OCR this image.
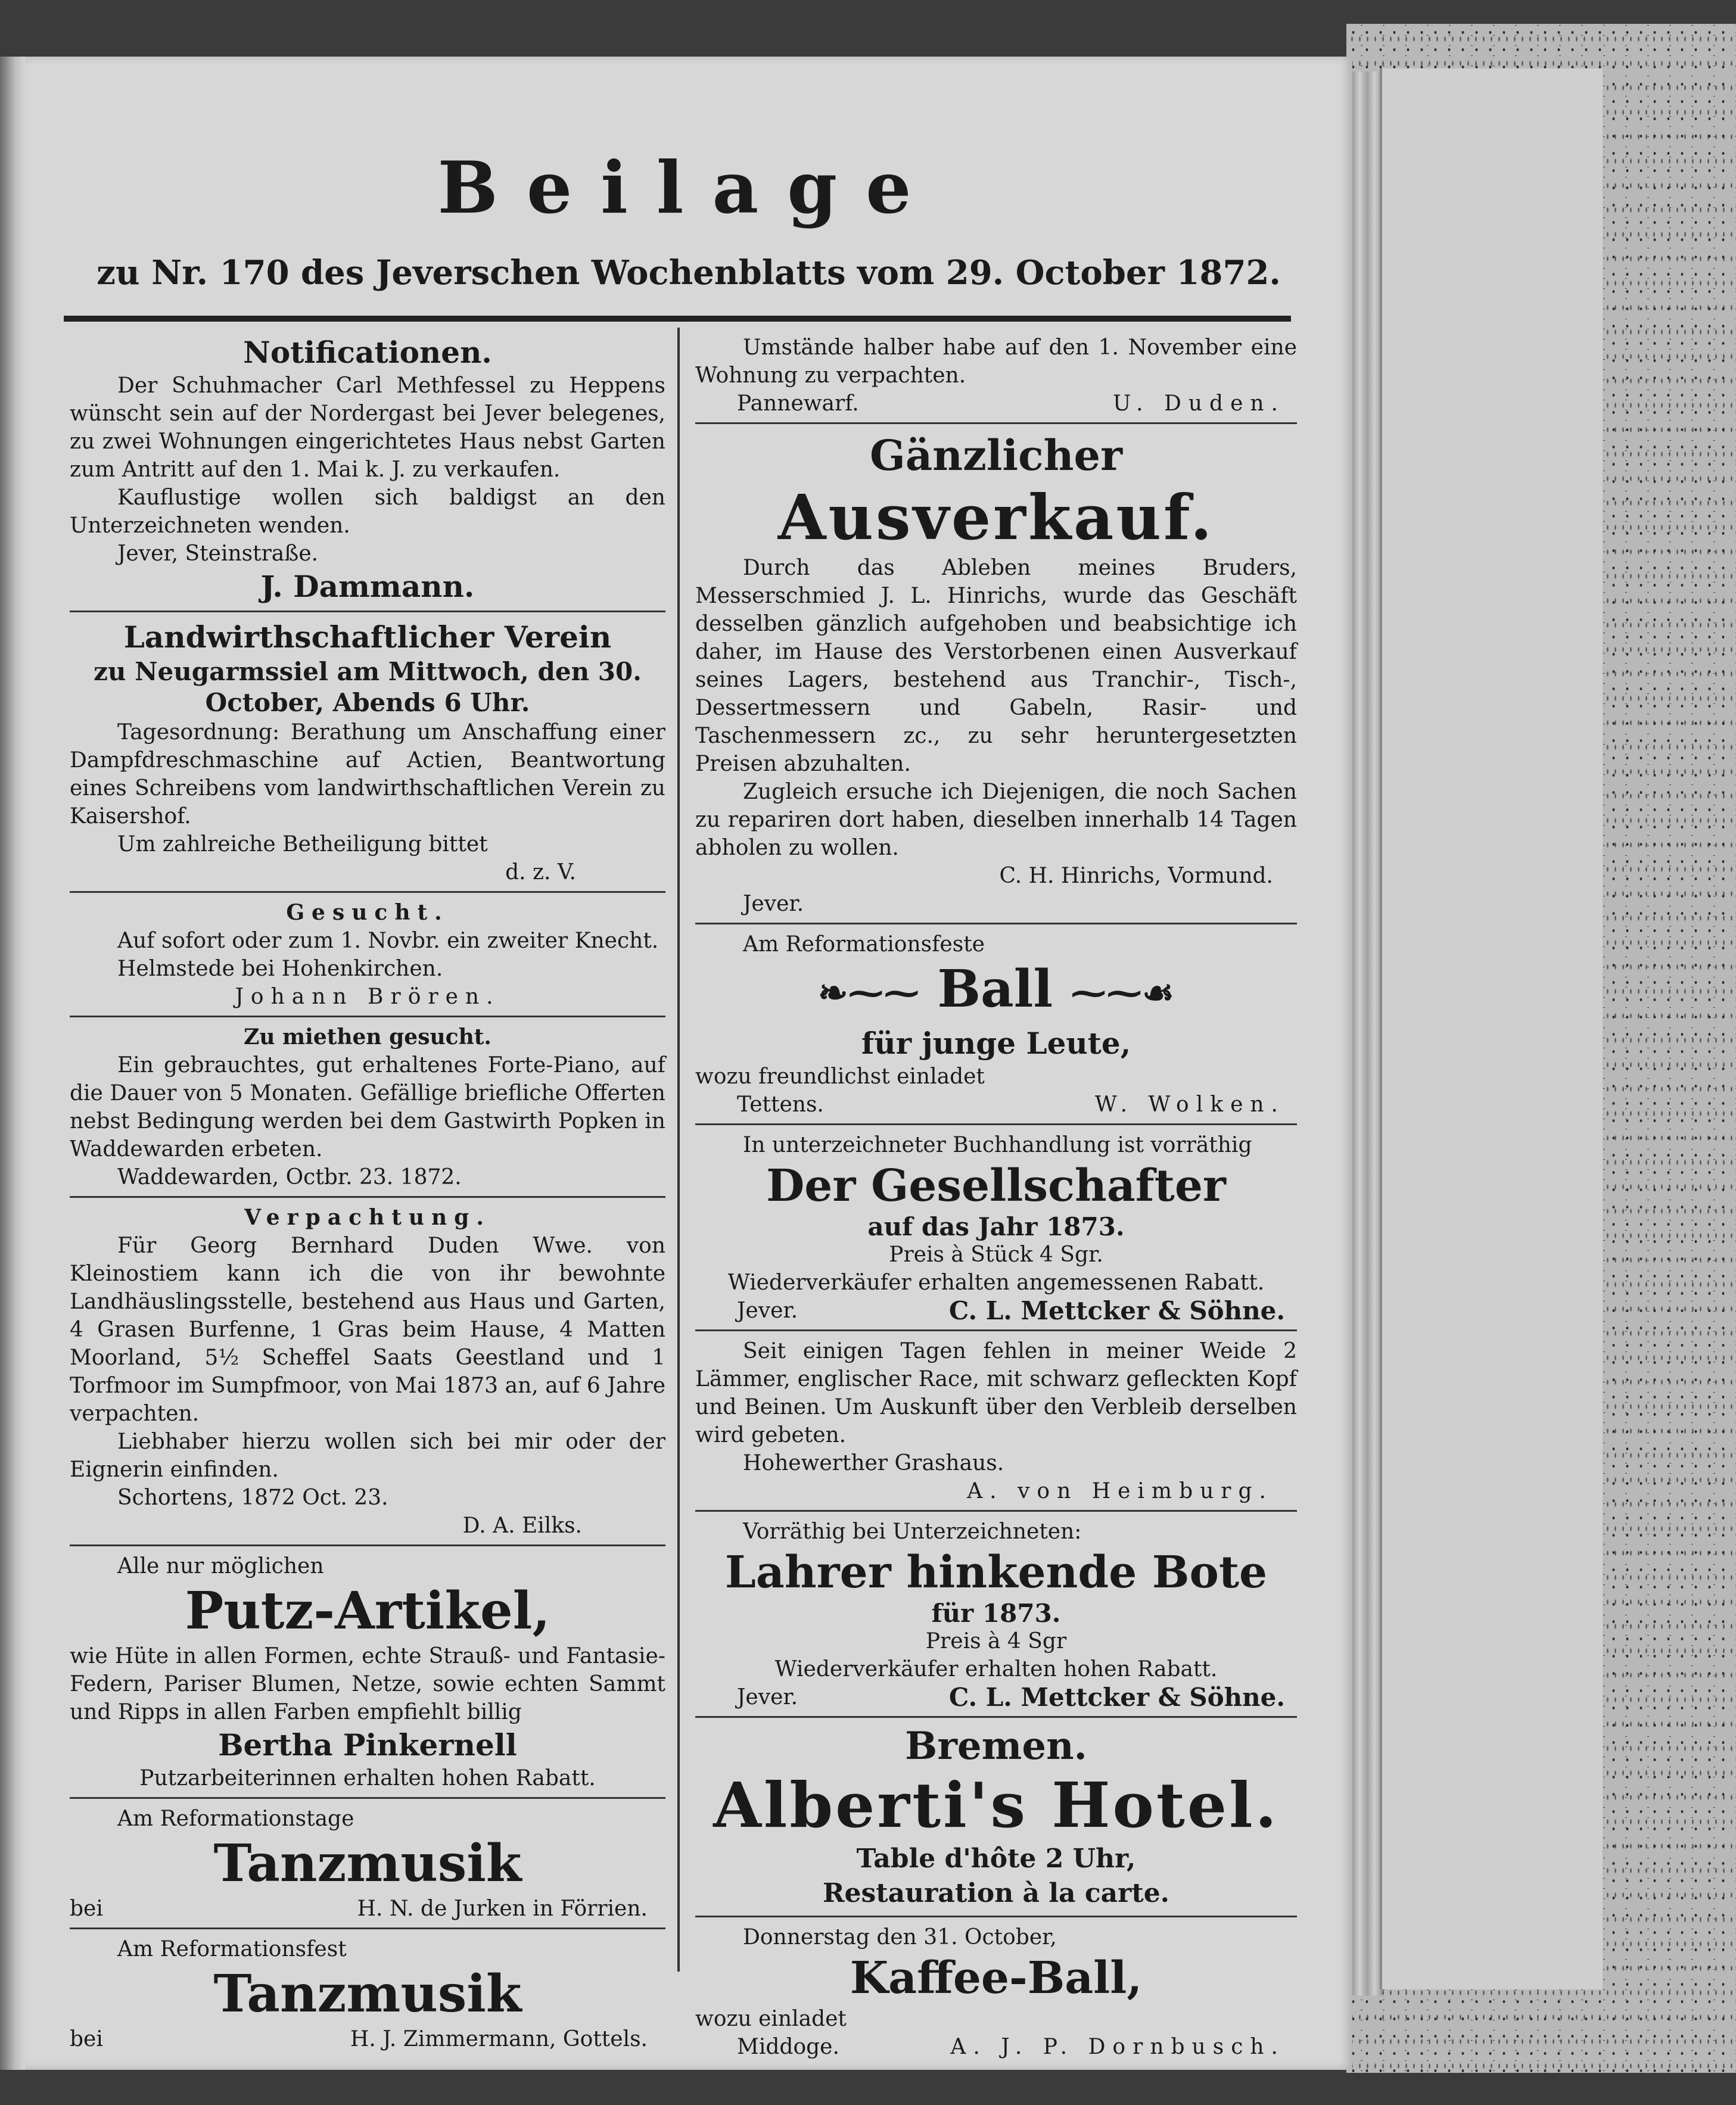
Beilage
zu Nr. 170 des Jeverschen Wochenblatts vom 29. October 1872.
Notificationen.
Der Schuhmacher Carl Methfessel zu Heppens wünscht sein auf der Nordergast bei Jever belegenes, zu zwei Wohnungen eingerichtetes Haus nebst Garten zum Antritt auf den 1. Mai k. J. zu verkaufen.
Kauflustige wollen sich baldigst an den Unterzeichneten wenden.
Jever, Steinstraße.
J. Dammann.
Landwirthschaftlicher Verein
zu Neugarmssiel am Mittwoch, den 30. October, Abends 6 Uhr.
Tagesordnung: Berathung um Anschaffung einer Dampfdreschmaschine auf Actien, Beantwortung eines Schreibens vom landwirthschaftlichen Verein zu Kaisershof.
Um zahlreiche Betheiligung bittet
d. z. V.
Gesucht.
Auf sofort oder zum 1. Novbr. ein zweiter Knecht.
Helmstede bei Hohenkirchen.
Johann Brören.
Zu miethen gesucht.
Ein gebrauchtes, gut erhaltenes Forte-Piano, auf die Dauer von 5 Monaten. Gefällige briefliche Offerten nebst Bedingung werden bei dem Gastwirth Popken in Waddewarden erbeten.
Waddewarden, Octbr. 23. 1872.
Verpachtung.
Für Georg Bernhard Duden Wwe. von Kleinostiem kann ich die von ihr bewohnte Landhäuslingsstelle, bestehend aus Haus und Garten, 4 Grasen Burfenne, 1 Gras beim Hause, 4 Matten Moorland, 5½ Scheffel Saats Geestland und 1 Torfmoor im Sumpfmoor, von Mai 1873 an, auf 6 Jahre verpachten.
Liebhaber hierzu wollen sich bei mir oder der Eignerin einfinden.
Schortens, 1872 Oct. 23.
D. A. Eilks.
Alle nur möglichen
Putz-Artikel,
wie Hüte in allen Formen, echte Strauß- und Fantasie-Federn, Pariser Blumen, Netze, sowie echten Sammt und Ripps in allen Farben empfiehlt billig
Bertha Pinkernell
Putzarbeiterinnen erhalten hohen Rabatt.
Am Reformationstage
Tanzmusik
bei	H. N. de Jurken in Förrien.
Am Reformationsfest
Tanzmusik
bei	H. J. Zimmermann, Gottels.
Umstände halber habe auf den 1. November eine Wohnung zu verpachten.
Pannewarf.	U. Duden.
Gänzlicher
Ausverkauf.
Durch das Ableben meines Bruders, Messerschmied J. L. Hinrichs, wurde das Geschäft desselben gänzlich aufgehoben und beabsichtige ich daher, im Hause des Verstorbenen einen Ausverkauf seines Lagers, bestehend aus Tranchir-, Tisch-, Dessertmessern und Gabeln, Rasir- und Taschenmessern zc., zu sehr heruntergesetzten Preisen abzuhalten.
Zugleich ersuche ich Diejenigen, die noch Sachen zu repariren dort haben, dieselben innerhalb 14 Tagen abholen zu wollen.
C. H. Hinrichs, Vormund.
Jever.
Am Reformationsfeste
❧⁓⁓ Ball ⁓⁓☙
für junge Leute,
wozu freundlichst einladet
Tettens.	W. Wolken.
In unterzeichneter Buchhandlung ist vorräthig
Der Gesellschafter
auf das Jahr 1873.
Preis à Stück 4 Sgr.
Wiederverkäufer erhalten angemessenen Rabatt.
Jever.	C. L. Mettcker & Söhne.
Seit einigen Tagen fehlen in meiner Weide 2 Lämmer, englischer Race, mit schwarz gefleckten Kopf und Beinen. Um Auskunft über den Verbleib derselben wird gebeten.
Hohewerther Grashaus.
A. von Heimburg.
Vorräthig bei Unterzeichneten:
Lahrer hinkende Bote
für 1873.
Preis à 4 Sgr
Wiederverkäufer erhalten hohen Rabatt.
Jever.	C. L. Mettcker & Söhne.
Bremen.
Alberti's Hotel.
Table d'hôte 2 Uhr,
Restauration à la carte.
Donnerstag den 31. October,
Kaffee-Ball,
wozu einladet
Middoge.	A. J. P. Dornbusch.
